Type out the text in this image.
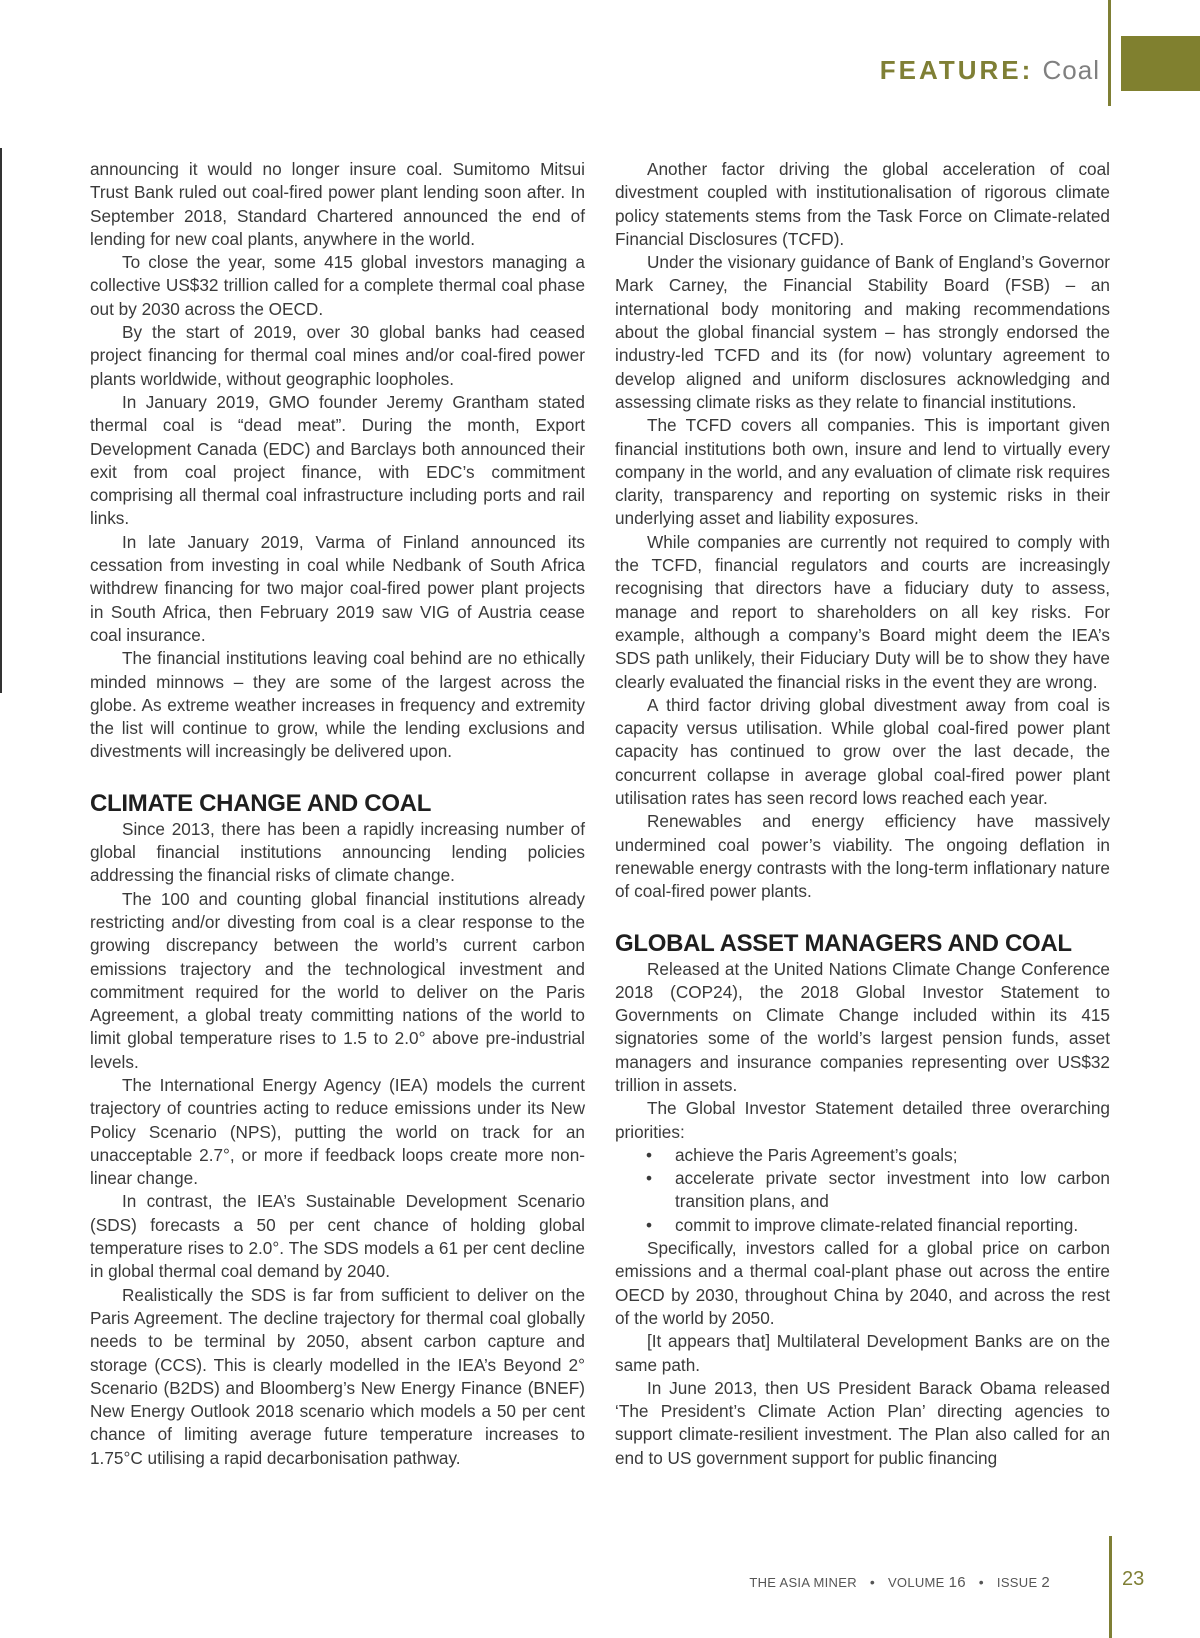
FEATURE: Coal

announcing it would no longer insure coal. Sumitomo Mitsui Trust Bank ruled out coal-fired power plant lending soon after. In September 2018, Standard Chartered announced the end of lending for new coal plants, anywhere in the world.

To close the year, some 415 global investors managing a collective US$32 trillion called for a complete thermal coal phase out by 2030 across the OECD.

By the start of 2019, over 30 global banks had ceased project financing for thermal coal mines and/or coal-fired power plants worldwide, without geographic loopholes.

In January 2019, GMO founder Jeremy Grantham stated thermal coal is “dead meat”. During the month, Export Development Canada (EDC) and Barclays both announced their exit from coal project finance, with EDC’s commitment comprising all thermal coal infrastructure including ports and rail links.

In late January 2019, Varma of Finland announced its cessation from investing in coal while Nedbank of South Africa withdrew financing for two major coal-fired power plant projects in South Africa, then February 2019 saw VIG of Austria cease coal insurance.

The financial institutions leaving coal behind are no ethically minded minnows – they are some of the largest across the globe. As extreme weather increases in frequency and extremity the list will continue to grow, while the lending exclusions and divestments will increasingly be delivered upon.

CLIMATE CHANGE AND COAL

Since 2013, there has been a rapidly increasing number of global financial institutions announcing lending policies addressing the financial risks of climate change.

The 100 and counting global financial institutions already restricting and/or divesting from coal is a clear response to the growing discrepancy between the world’s current carbon emissions trajectory and the technological investment and commitment required for the world to deliver on the Paris Agreement, a global treaty committing nations of the world to limit global temperature rises to 1.5 to 2.0° above pre-industrial levels.

The International Energy Agency (IEA) models the current trajectory of countries acting to reduce emissions under its New Policy Scenario (NPS), putting the world on track for an unacceptable 2.7°, or more if feedback loops create more non-linear change.

In contrast, the IEA’s Sustainable Development Scenario (SDS) forecasts a 50 per cent chance of holding global temperature rises to 2.0°. The SDS models a 61 per cent decline in global thermal coal demand by 2040.

Realistically the SDS is far from sufficient to deliver on the Paris Agreement. The decline trajectory for thermal coal globally needs to be terminal by 2050, absent carbon capture and storage (CCS). This is clearly modelled in the IEA’s Beyond 2° Scenario (B2DS) and Bloomberg’s New Energy Finance (BNEF) New Energy Outlook 2018 scenario which models a 50 per cent chance of limiting average future temperature increases to 1.75°C utilising a rapid decarbonisation pathway.

Another factor driving the global acceleration of coal divestment coupled with institutionalisation of rigorous climate policy statements stems from the Task Force on Climate-related Financial Disclosures (TCFD).

Under the visionary guidance of Bank of England’s Governor Mark Carney, the Financial Stability Board (FSB) – an international body monitoring and making recommendations about the global financial system – has strongly endorsed the industry-led TCFD and its (for now) voluntary agreement to develop aligned and uniform disclosures acknowledging and assessing climate risks as they relate to financial institutions.

The TCFD covers all companies. This is important given financial institutions both own, insure and lend to virtually every company in the world, and any evaluation of climate risk requires clarity, transparency and reporting on systemic risks in their underlying asset and liability exposures.

While companies are currently not required to comply with the TCFD, financial regulators and courts are increasingly recognising that directors have a fiduciary duty to assess, manage and report to shareholders on all key risks. For example, although a company’s Board might deem the IEA’s SDS path unlikely, their Fiduciary Duty will be to show they have clearly evaluated the financial risks in the event they are wrong.

A third factor driving global divestment away from coal is capacity versus utilisation. While global coal-fired power plant capacity has continued to grow over the last decade, the concurrent collapse in average global coal-fired power plant utilisation rates has seen record lows reached each year.

Renewables and energy efficiency have massively undermined coal power’s viability. The ongoing deflation in renewable energy contrasts with the long-term inflationary nature of coal-fired power plants.

GLOBAL ASSET MANAGERS AND COAL

Released at the United Nations Climate Change Conference 2018 (COP24), the 2018 Global Investor Statement to Governments on Climate Change included within its 415 signatories some of the world’s largest pension funds, asset managers and insurance companies representing over US$32 trillion in assets.

The Global Investor Statement detailed three overarching priorities:

• achieve the Paris Agreement’s goals;
• accelerate private sector investment into low carbon transition plans, and
• commit to improve climate-related financial reporting.

Specifically, investors called for a global price on carbon emissions and a thermal coal-plant phase out across the entire OECD by 2030, throughout China by 2040, and across the rest of the world by 2050.

[It appears that] Multilateral Development Banks are on the same path.

In June 2013, then US President Barack Obama released ‘The President’s Climate Action Plan’ directing agencies to support climate-resilient investment. The Plan also called for an end to US government support for public financing

THE ASIA MINER • VOLUME 16 • ISSUE 2	23
